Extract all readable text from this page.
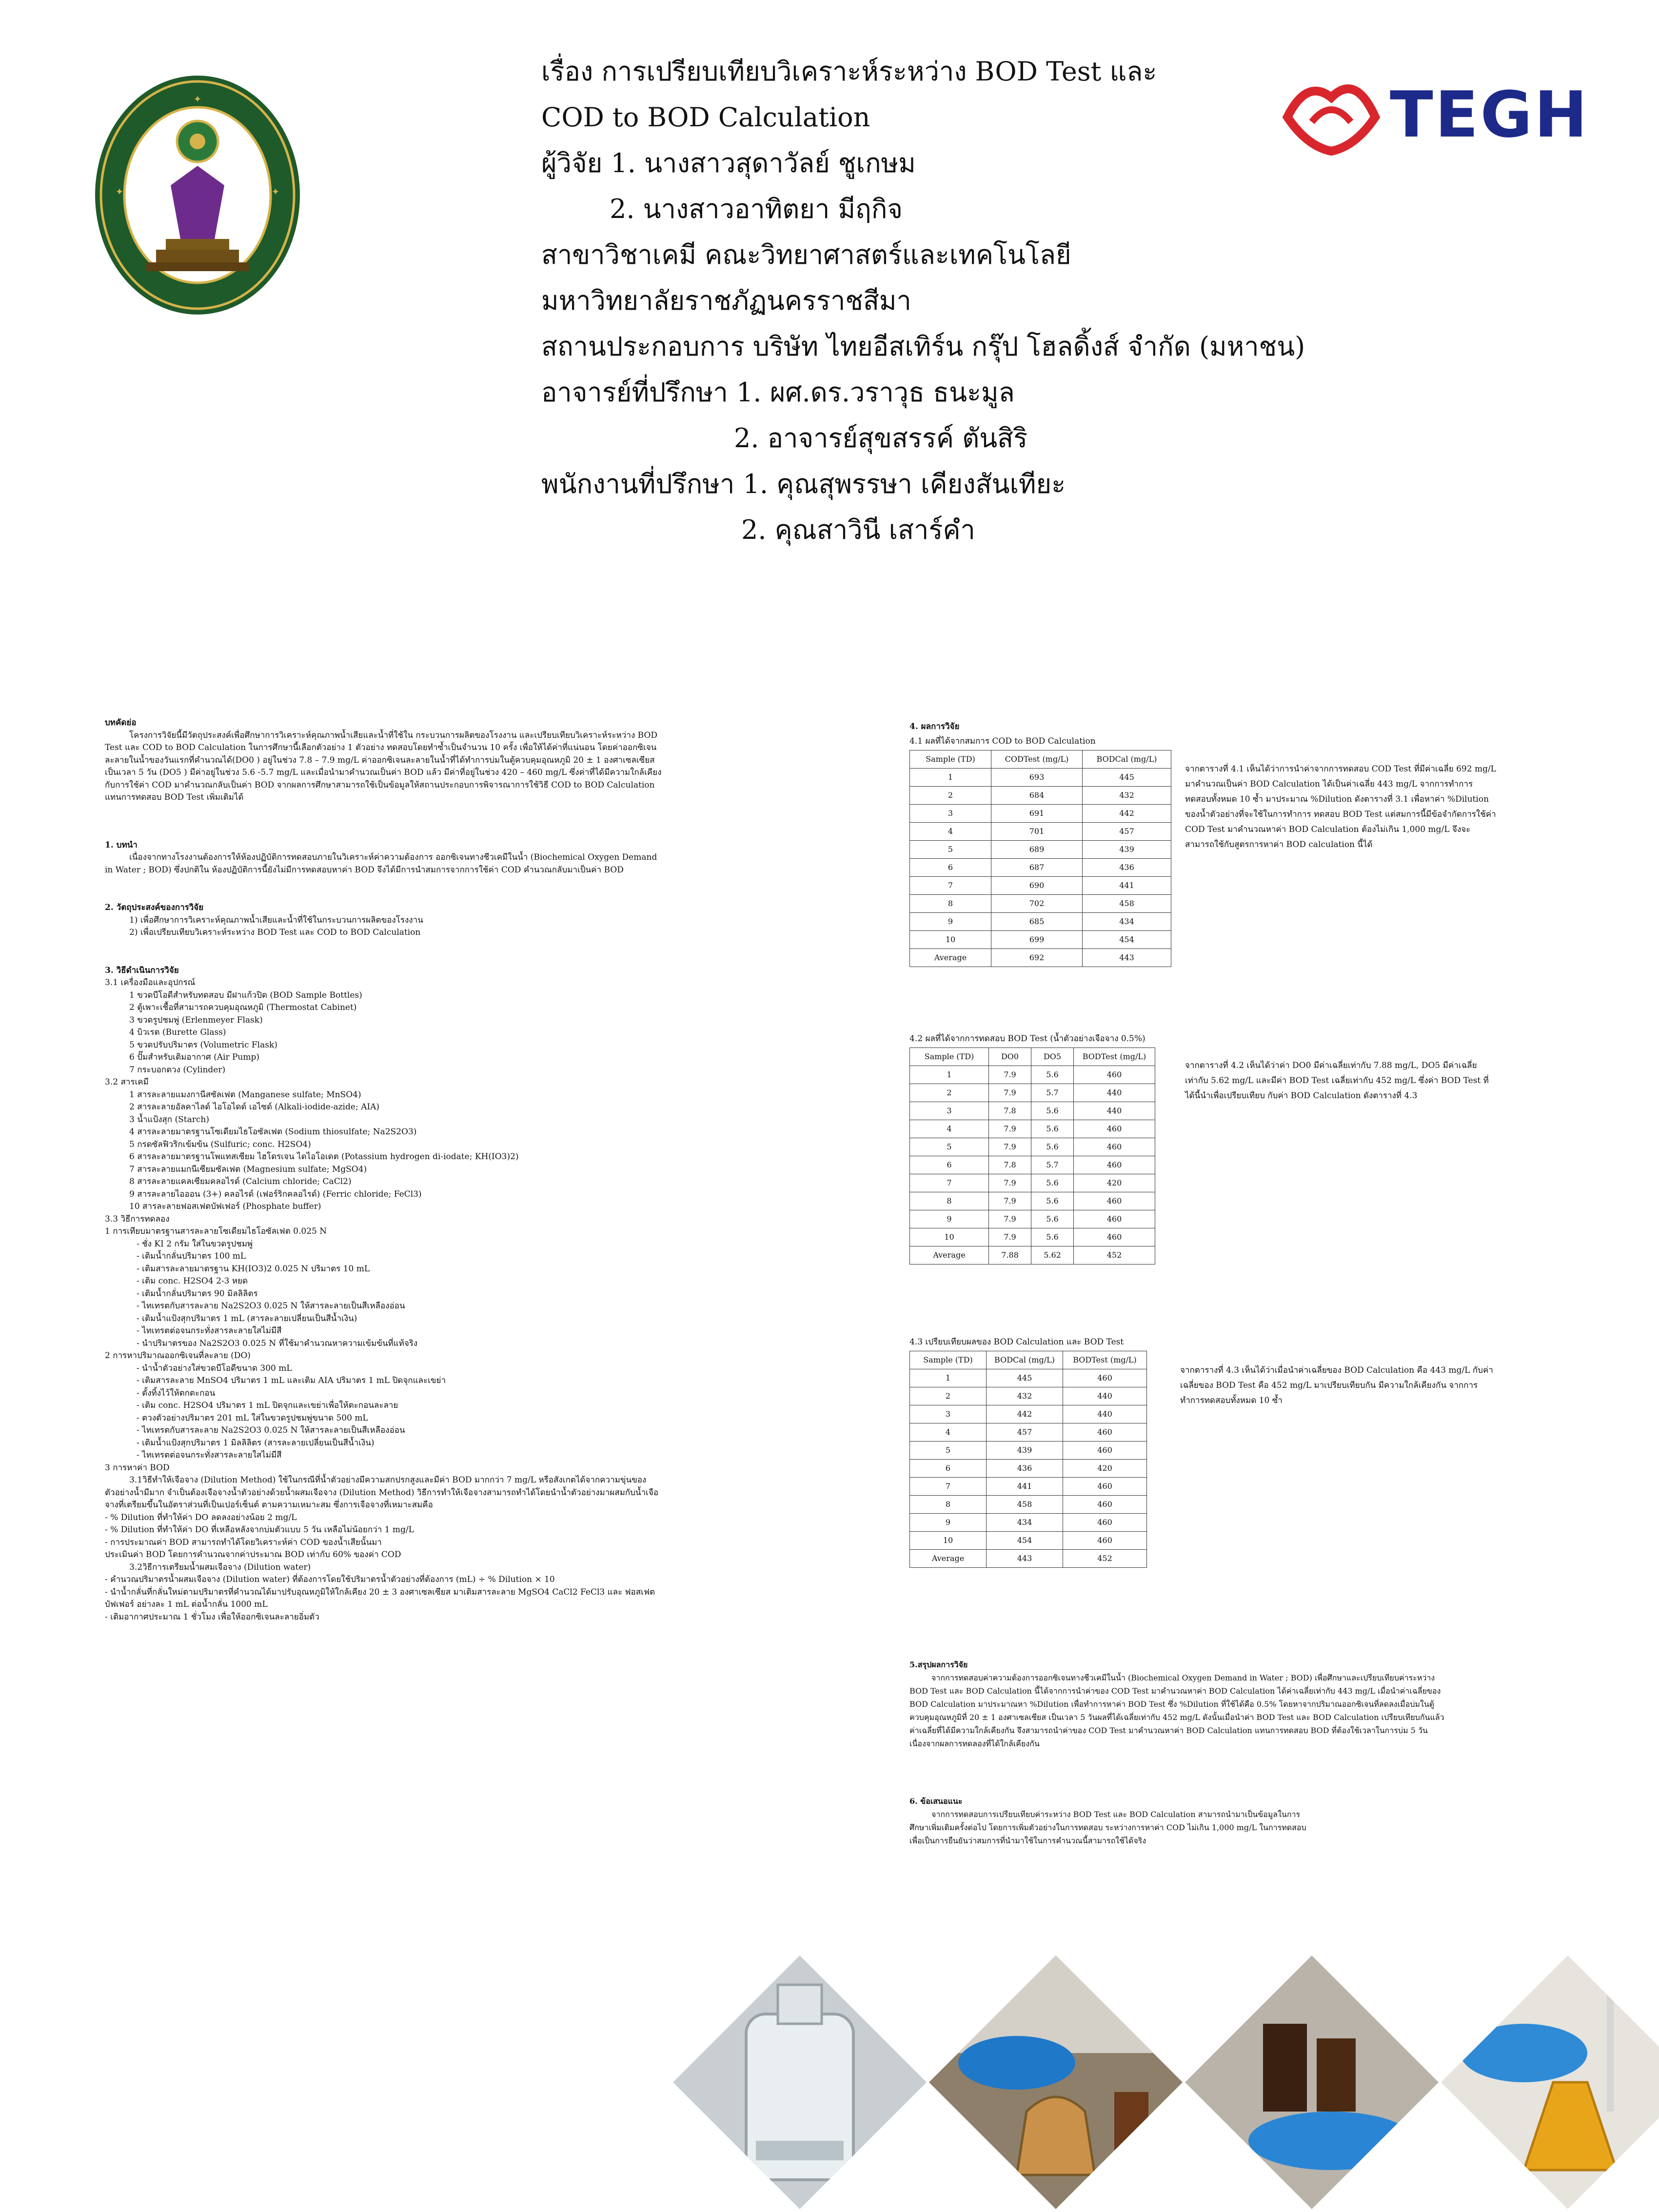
✦
✦	✦
TEGH
เรื่อง การเปรียบเทียบวิเคราะห์ระหว่าง BOD Test และ
COD to BOD Calculation
ผู้วิจัย 1. นางสาวสุดาวัลย์ ชูเกษม
2. นางสาวอาทิตยา มีฤกิจ
สาขาวิชาเคมี คณะวิทยาศาสตร์และเทคโนโลยี
มหาวิทยาลัยราชภัฏนครราชสีมา
สถานประกอบการ บริษัท ไทยอีสเทิร์น กรุ๊ป โฮลดิ้งส์ จำกัด (มหาชน)
อาจารย์ที่ปรึกษา 1. ผศ.ดร.วราวุธ ธนะมูล
2. อาจารย์สุขสรรค์ ตันสิริ
พนักงานที่ปรึกษา 1. คุณสุพรรษา เคียงสันเทียะ
2. คุณสาวินี เสาร์คำ

บทคัดย่อ

โครงการวิจัยนี้มีวัตถุประสงค์เพื่อศึกษาการวิเคราะห์คุณภาพน้ำเสียและน้ำที่ใช้ใน กระบวนการผลิตของโรงงาน และเปรียบเทียบวิเคราะห์ระหว่าง BOD Test และ COD to BOD Calculation ในการศึกษานี้เลือกตัวอย่าง 1 ตัวอย่าง ทดสอบโดยทำซ้ำเป็นจำนวน 10 ครั้ง เพื่อให้ได้ค่าที่แน่นอน โดยค่าออกซิเจนละลายในน้ำของวันแรกที่คำนวณได้(DO0 ) อยู่ในช่วง 7.8 – 7.9 mg/L ค่าออกซิเจนละลายในน้ำที่ได้ทำการบ่มในตู้ควบคุมอุณหภูมิ 20 ± 1 องศาเซลเซียส เป็นเวลา 5 วัน (DO5 ) มีค่าอยู่ในช่วง 5.6 -5.7 mg/L และเมื่อนำมาคำนวณเป็นค่า BOD แล้ว มีค่าที่อยู่ในช่วง 420 – 460 mg/L ซึ่งค่าที่ได้มีความใกล้เคียงกับการใช้ค่า COD มาคำนวณกลับเป็นค่า BOD จากผลการศึกษาสามารถใช้เป็นข้อมูลให้สถานประกอบการพิจารณาการใช้วิธี COD to BOD Calculation แทนการทดสอบ BOD Test เพิ่มเติมได้

1. บทนำ

เนื่องจากทางโรงงานต้องการให้ห้องปฏิบัติการทดสอบภายในวิเคราะห์ค่าความต้องการ ออกซิเจนทางชีวเคมีในน้ำ (Biochemical Oxygen Demand in Water ; BOD) ซึ่งปกติใน ห้องปฏิบัติการนี้ยังไม่มีการทดสอบหาค่า BOD จึงได้มีการนำสมการจากการใช้ค่า COD คำนวณกลับมาเป็นค่า BOD

2. วัตถุประสงค์ของการวิจัย

1) เพื่อศึกษาการวิเคราะห์คุณภาพน้ำเสียและน้ำที่ใช้ในกระบวนการผลิตของโรงงาน

2) เพื่อเปรียบเทียบวิเคราะห์ระหว่าง BOD Test และ COD to BOD Calculation

3. วิธีดำเนินการวิจัย

3.1 เครื่องมือและอุปกรณ์

1 ขวดบีโอดีสำหรับทดสอบ มีฝาแก้วปิด (BOD Sample Bottles)

2 ตู้เพาะเชื้อที่สามารถควบคุมอุณหภูมิ (Thermostat Cabinet)

3 ขวดรูปชมพู่ (Erlenmeyer Flask)

4 บิวเรต (Burette Glass)

5 ขวดปรับปริมาตร (Volumetric Flask)

6 ปั๊มสำหรับเติมอากาศ (Air Pump)

7 กระบอกตวง (Cylinder)

3.2 สารเคมี

1 สารละลายแมงกานีสซัลเฟต (Manganese sulfate; MnSO4)

2 สารละลายอัลคาไลด์ ไอโอไดด์ เอไซด์ (Alkali-iodide-azide; AIA)

3 น้ำแป้งสุก (Starch)

4 สารละลายมาตรฐานโซเดียมไธโอซัลเฟต (Sodium thiosulfate; Na2S2O3)

5 กรดซัลฟิวริกเข้มข้น (Sulfuric; conc. H2SO4)

6 สารละลายมาตรฐานโพแทสเซียม ไฮโดรเจน ไดไอโอเดต (Potassium hydrogen di-iodate; KH(IO3)2)

7 สารละลายแมกนีเซียมซัลเฟต (Magnesium sulfate; MgSO4)

8 สารละลายแคลเซียมคลอไรด์ (Calcium chloride; CaCl2)

9 สารละลายไอออน (3+) คลอไรด์ (เฟอร์ริกคลอไรด์) (Ferric chloride; FeCl3)

10 สารละลายฟอสเฟตบัฟเฟอร์ (Phosphate buffer)

3.3 วิธีการทดลอง

1 การเทียบมาตรฐานสารละลายโซเดียมไธโอซัลเฟต 0.025 N

- ชั่ง KI 2 กรัม ใส่ในขวดรูปชมพู่

- เติมน้ำกลั่นปริมาตร 100 mL

- เติมสารละลายมาตรฐาน KH(IO3)2 0.025 N ปริมาตร 10 mL

- เติม conc. H2SO4 2-3 หยด

- เติมน้ำกลั่นปริมาตร 90 มิลลิลิตร

- ไทเทรตกับสารละลาย Na2S2O3 0.025 N ให้สารละลายเป็นสีเหลืองอ่อน

- เติมน้ำแป้งสุกปริมาตร 1 mL (สารละลายเปลี่ยนเป็นสีน้ำเงิน)

- ไทเทรตต่อจนกระทั่งสารละลายใสไม่มีสี

- นำปริมาตรของ Na2S2O3 0.025 N ที่ใช้มาคำนวณหาความเข้มข้นที่แท้จริง

2 การหาปริมาณออกซิเจนที่ละลาย (DO)

- นำน้ำตัวอย่างใส่ขวดบีโอดีขนาด 300 mL

- เติมสารละลาย MnSO4 ปริมาตร 1 mL และเติม AIA ปริมาตร 1 mL ปิดจุกและเขย่า

- ตั้งทิ้งไว้ให้ตกตะกอน

- เติม conc. H2SO4 ปริมาตร 1 mL ปิดจุกและเขย่าเพื่อให้ตะกอนละลาย

- ตวงตัวอย่างปริมาตร 201 mL ใส่ในขวดรูปชมพู่ขนาด 500 mL

- ไทเทรตกับสารละลาย Na2S2O3 0.025 N ให้สารละลายเป็นสีเหลืองอ่อน

- เติมน้ำแป้งสุกปริมาตร 1 มิลลิลิตร (สารละลายเปลี่ยนเป็นสีน้ำเงิน)

- ไทเทรตต่อจนกระทั่งสารละลายใสไม่มีสี

3 การหาค่า BOD

3.1วิธีทำให้เจือจาง (Dilution Method) ใช้ในกรณีที่น้ำตัวอย่างมีความสกปรกสูงและมีค่า BOD มากกว่า 7 mg/L หรือสังเกตได้จากความขุ่นของตัวอย่างน้ำมีมาก จำเป็นต้องเจือจางน้ำตัวอย่างด้วยน้ำผสมเจือจาง (Dilution Method) วิธีการทำให้เจือจางสามารถทำได้โดยนำน้ำตัวอย่างมาผสมกับน้ำเจือจางที่เตรียมขึ้นในอัตราส่วนที่เป็นเปอร์เซ็นต์ ตามความเหมาะสม ซึ่งการเจือจางที่เหมาะสมคือ

- % Dilution ที่ทำให้ค่า DO ลดลงอย่างน้อย 2 mg/L

- % Dilution ที่ทำให้ค่า DO ที่เหลือหลังจากบ่มตัวแบบ 5 วัน เหลือไม่น้อยกว่า 1 mg/L

- การประมาณค่า BOD สามารถทำได้โดยวิเคราะห์ค่า COD ของน้ำเสียนั้นมา

ประเมินค่า BOD โดยการคำนวณจากค่าประมาณ BOD เท่ากับ 60% ของค่า COD

3.2วิธีการเตรียมน้ำผสมเจือจาง (Dilution water)

- คำนวณปริมาตรน้ำผสมเจือจาง (Dilution water) ที่ต้องการโดยใช้ปริมาตรน้ำตัวอย่างที่ต้องการ (mL) ÷ % Dilution × 10

- นำน้ำกลั่นที่กลั่นใหม่ตามปริมาตรที่คำนวณได้มาปรับอุณหภูมิให้ใกล้เคียง 20 ± 3 องศาเซลเซียส มาเติมสารละลาย MgSO4 CaCl2 FeCl3 และ ฟอสเฟตบัฟเฟอร์ อย่างละ 1 mL ต่อน้ำกลั่น 1000 mL

- เติมอากาศประมาณ 1 ชั่วโมง เพื่อให้ออกซิเจนละลายอิ่มตัว

4. ผลการวิจัย

4.1 ผลที่ได้จากสมการ COD to BOD Calculation

Sample (TD)	CODTest (mg/L)	BODCal (mg/L)
1	693	445
2	684	432
3	691	442
4	701	457
5	689	439
6	687	436
7	690	441
8	702	458
9	685	434
10	699	454
Average	692	443
จากตารางที่ 4.1 เห็นได้ว่าการนำค่าจากการทดสอบ COD Test ที่มีค่าเฉลี่ย 692 mg/L มาคำนวณเป็นค่า BOD Calculation ได้เป็นค่าเฉลี่ย 443 mg/L จากการทำการทดสอบทั้งหมด 10 ซ้ำ มาประมาณ %Dilution ดังตารางที่ 3.1 เพื่อหาค่า %Dilution ของน้ำตัวอย่างที่จะใช้ในการทำการ ทดสอบ BOD Test แต่สมการนี้มีข้อจำกัดการใช้ค่า COD Test มาคำนวณหาค่า BOD Calculation ต้องไม่เกิน 1,000 mg/L จึงจะสามารถใช้กับสูตรการหาค่า BOD calculation นี้ได้

4.2 ผลที่ได้จากการทดสอบ BOD Test (น้ำตัวอย่างเจือจาง 0.5%)

Sample (TD)	DO0	DO5	BODTest (mg/L)
1	7.9	5.6	460
2	7.9	5.7	440
3	7.8	5.6	440
4	7.9	5.6	460
5	7.9	5.6	460
6	7.8	5.7	460
7	7.9	5.6	420
8	7.9	5.6	460
9	7.9	5.6	460
10	7.9	5.6	460
Average	7.88	5.62	452
จากตารางที่ 4.2 เห็นได้ว่าค่า DO0 มีค่าเฉลี่ยเท่ากับ 7.88 mg/L, DO5 มีค่าเฉลี่ยเท่ากับ 5.62 mg/L และมีค่า BOD Test เฉลี่ยเท่ากับ 452 mg/L ซึ่งค่า BOD Test ที่ได้นี้นำเพื่อเปรียบเทียบ กับค่า BOD Calculation ดังตารางที่ 4.3

4.3 เปรียบเทียบผลของ BOD Calculation และ BOD Test

Sample (TD)	BODCal (mg/L)	BODTest (mg/L)
1	445	460
2	432	440
3	442	440
4	457	460
5	439	460
6	436	420
7	441	460
8	458	460
9	434	460
10	454	460
Average	443	452
จากตารางที่ 4.3 เห็นได้ว่าเมื่อนำค่าเฉลี่ยของ BOD Calculation คือ 443 mg/L กับค่าเฉลี่ยของ BOD Test คือ 452 mg/L มาเปรียบเทียบกัน มีความใกล้เคียงกัน จากการทำการทดสอบทั้งหมด 10 ซ้ำ

5.สรุปผลการวิจัย

จากการทดสอบค่าความต้องการออกซิเจนทางชีวเคมีในน้ำ (Biochemical Oxygen Demand in Water ; BOD) เพื่อศึกษาและเปรียบเทียบค่าระหว่าง BOD Test และ BOD Calculation นี้ได้จากการนำค่าของ COD Test มาคำนวณหาค่า BOD Calculation ได้ค่าเฉลี่ยเท่ากับ 443 mg/L เมื่อนำค่าเฉลี่ยของ BOD Calculation มาประมาณหา %Dilution เพื่อทำการหาค่า BOD Test ซึ่ง %Dilution ที่ใช้ได้คือ 0.5% โดยหาจากปริมาณออกซิเจนที่ลดลงเมื่อบ่มในตู้ควบคุมอุณหภูมิที่ 20 ± 1 องศาเซลเซียส เป็นเวลา 5 วันผลที่ได้เฉลี่ยเท่ากับ 452 mg/L ดังนั้นเมื่อนำค่า BOD Test และ BOD Calculation เปรียบเทียบกันแล้ว ค่าเฉลี่ยที่ได้มีความใกล้เคียงกัน จึงสามารถนำค่าของ COD Test มาคำนวณหาค่า BOD Calculation แทนการทดสอบ BOD ที่ต้องใช้เวลาในการบ่ม 5 วัน เนื่องจากผลการทดลองที่ได้ใกล้เคียงกัน

6. ข้อเสนอแนะ

จากการทดสอบการเปรียบเทียบค่าระหว่าง BOD Test และ BOD Calculation สามารถนำมาเป็นข้อมูลในการศึกษาเพิ่มเติมครั้งต่อไป โดยการเพิ่มตัวอย่างในการทดสอบ ระหว่างการหาค่า COD ไม่เกิน 1,000 mg/L ในการทดสอบเพื่อเป็นการยืนยันว่าสมการที่นำมาใช้ในการคำนวณนี้สามารถใช้ได้จริง
